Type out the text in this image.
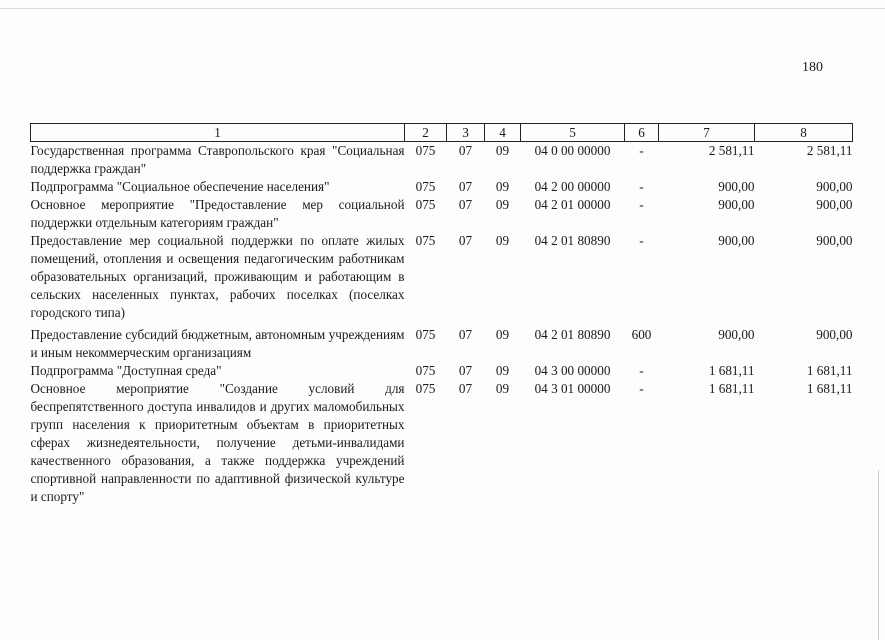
180
1	2	3	4	5	6	7	8
Государственная программа Ставропольского края "Социальная поддержка граждан"	075	07	09	04 0 00 00000	-	2 581,11	2 581,11
Подпрограмма "Социальное обеспечение населения"	075	07	09	04 2 00 00000	-	900,00	900,00
Основное мероприятие "Предоставление мер социальной поддержки отдельным категориям граждан"	075	07	09	04 2 01 00000	-	900,00	900,00
Предоставление мер социальной поддержки по оплате жилых помещений, отопления и освещения педагогическим работникам образовательных организаций, проживающим и работающим в сельских населенных пунктах, рабочих поселках (поселках городского типа)	075	07	09	04 2 01 80890	-	900,00	900,00
Предоставление субсидий бюджетным, автономным учреждениям и иным некоммерческим организациям	075	07	09	04 2 01 80890	600	900,00	900,00
Подпрограмма "Доступная среда"	075	07	09	04 3 00 00000	-	1 681,11	1 681,11
Основное мероприятие "Создание условий для беспрепятственного доступа инвалидов и других маломобильных групп населения к приоритетным объектам в приоритетных сферах жизнедеятельности, получение детьми-инвалидами качественного образования, а также поддержка учреждений спортивной направленности по адаптивной физической культуре и спорту"	075	07	09	04 3 01 00000	-	1 681,11	1 681,11
